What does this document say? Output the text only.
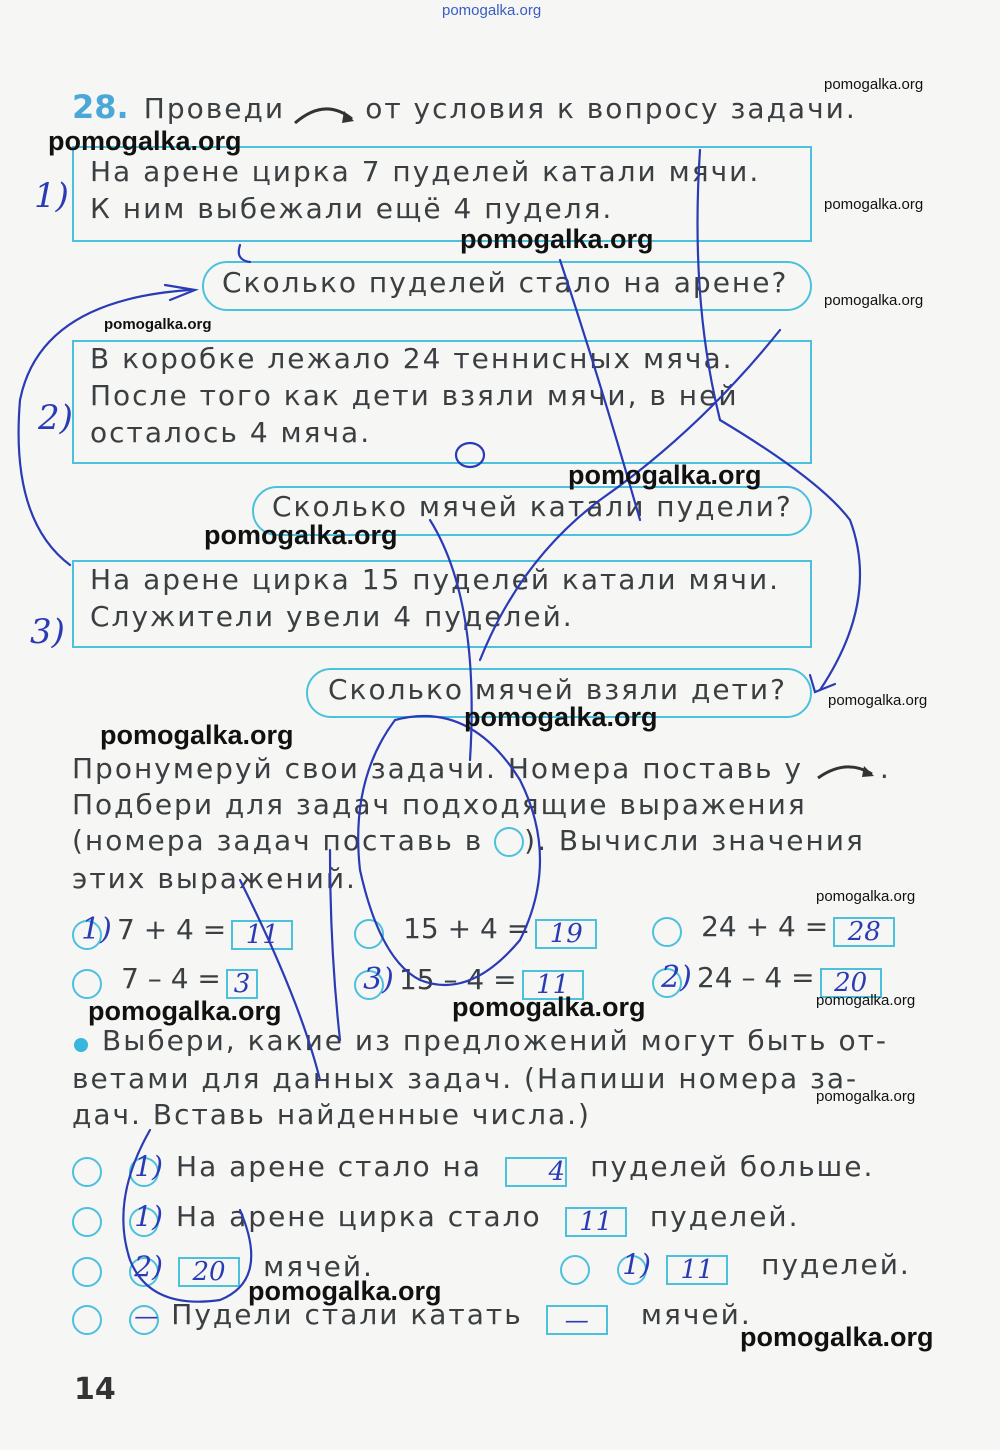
pomogalka.org
28. Проведи	от условия к вопросу задачи.
На арене цирка 7 пуделей катали мячи.
К ним выбежали ещё 4 пуделя.
1)
Сколько пуделей стало на арене?
В коробке лежало 24 теннисных мяча.
После того как дети взяли мячи, в ней
осталось 4 мяча.
2)
Сколько мячей катали пудели?
На арене цирка 15 пуделей катали мячи.
Служители увели 4 пуделей.
3)
Сколько мячей взяли дети?
Пронумеруй свои задачи. Номера поставь у	.
Подбери для задач подходящие выражения
(номера задач поставь в ). Вычисли значения
этих выражений.
1) 7 + 4 = 11	15 + 4 = 19	24 + 4 = 28
7 – 4 = 3	3) 15 – 4 = 11	2) 24 – 4 = 20
Выбери, какие из предложений могут быть от-
ветами для данных задач. (Напиши номера за-
дач. Вставь найденные числа.)
1) На арене стало на	4 пуделей больше.
1) На арене цирка стало 11 пуделей.
2) 20 мячей.	1) 11 пуделей.
— Пудели стали катать — мячей.
14
pomogalka.org
pomogalka.org
pomogalka.org
pomogalka.org
pomogalka.org
pomogalka.org
pomogalka.org
pomogalka.org
pomogalka.org
pomogalka.org
pomogalka.org
pomogalka.org
pomogalka.org
pomogalka.org
pomogalka.org
pomogalka.org
pomogalka.org
pomogalka.org
